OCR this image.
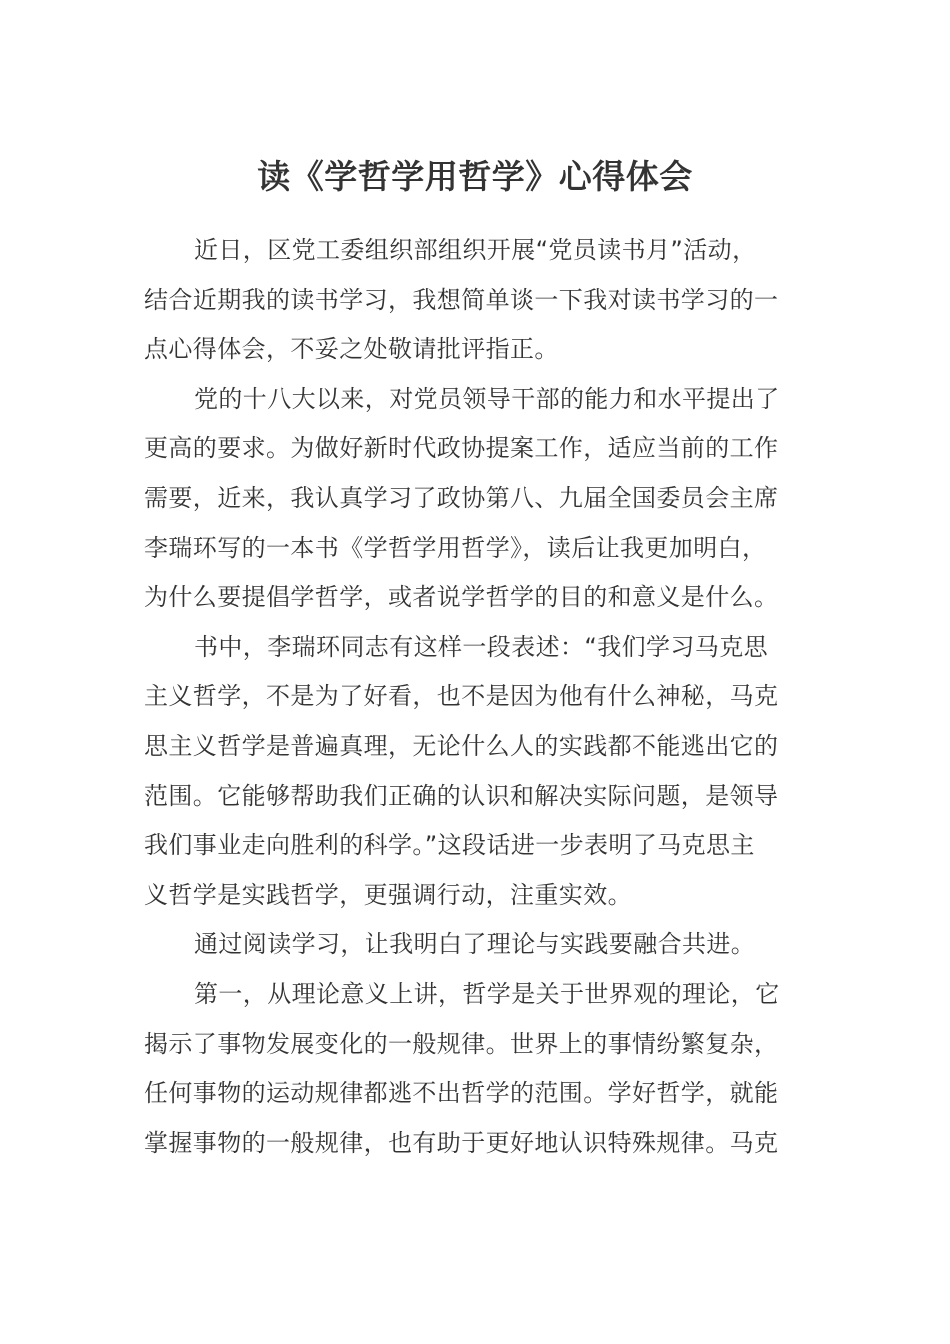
读《学哲学用哲学》心得体会

近日，区党工委组织部组织开展“党员读书月”活动，
结合近期我的读书学习，我想简单谈一下我对读书学习的一
点心得体会，不妥之处敬请批评指正。

党的十八大以来，对党员领导干部的能力和水平提出了
更高的要求。为做好新时代政协提案工作，适应当前的工作
需要，近来，我认真学习了政协第八、九届全国委员会主席
李瑞环写的一本书《学哲学用哲学》，读后让我更加明白，
为什么要提倡学哲学，或者说学哲学的目的和意义是什么。

书中，李瑞环同志有这样一段表述：“我们学习马克思
主义哲学，不是为了好看，也不是因为他有什么神秘，马克
思主义哲学是普遍真理，无论什么人的实践都不能逃出它的
范围。它能够帮助我们正确的认识和解决实际问题，是领导
我们事业走向胜利的科学。”这段话进一步表明了马克思主
义哲学是实践哲学，更强调行动，注重实效。

通过阅读学习，让我明白了理论与实践要融合共进。

第一，从理论意义上讲，哲学是关于世界观的理论，它
揭示了事物发展变化的一般规律。世界上的事情纷繁复杂，
任何事物的运动规律都逃不出哲学的范围。学好哲学，就能
掌握事物的一般规律，也有助于更好地认识特殊规律。马克
